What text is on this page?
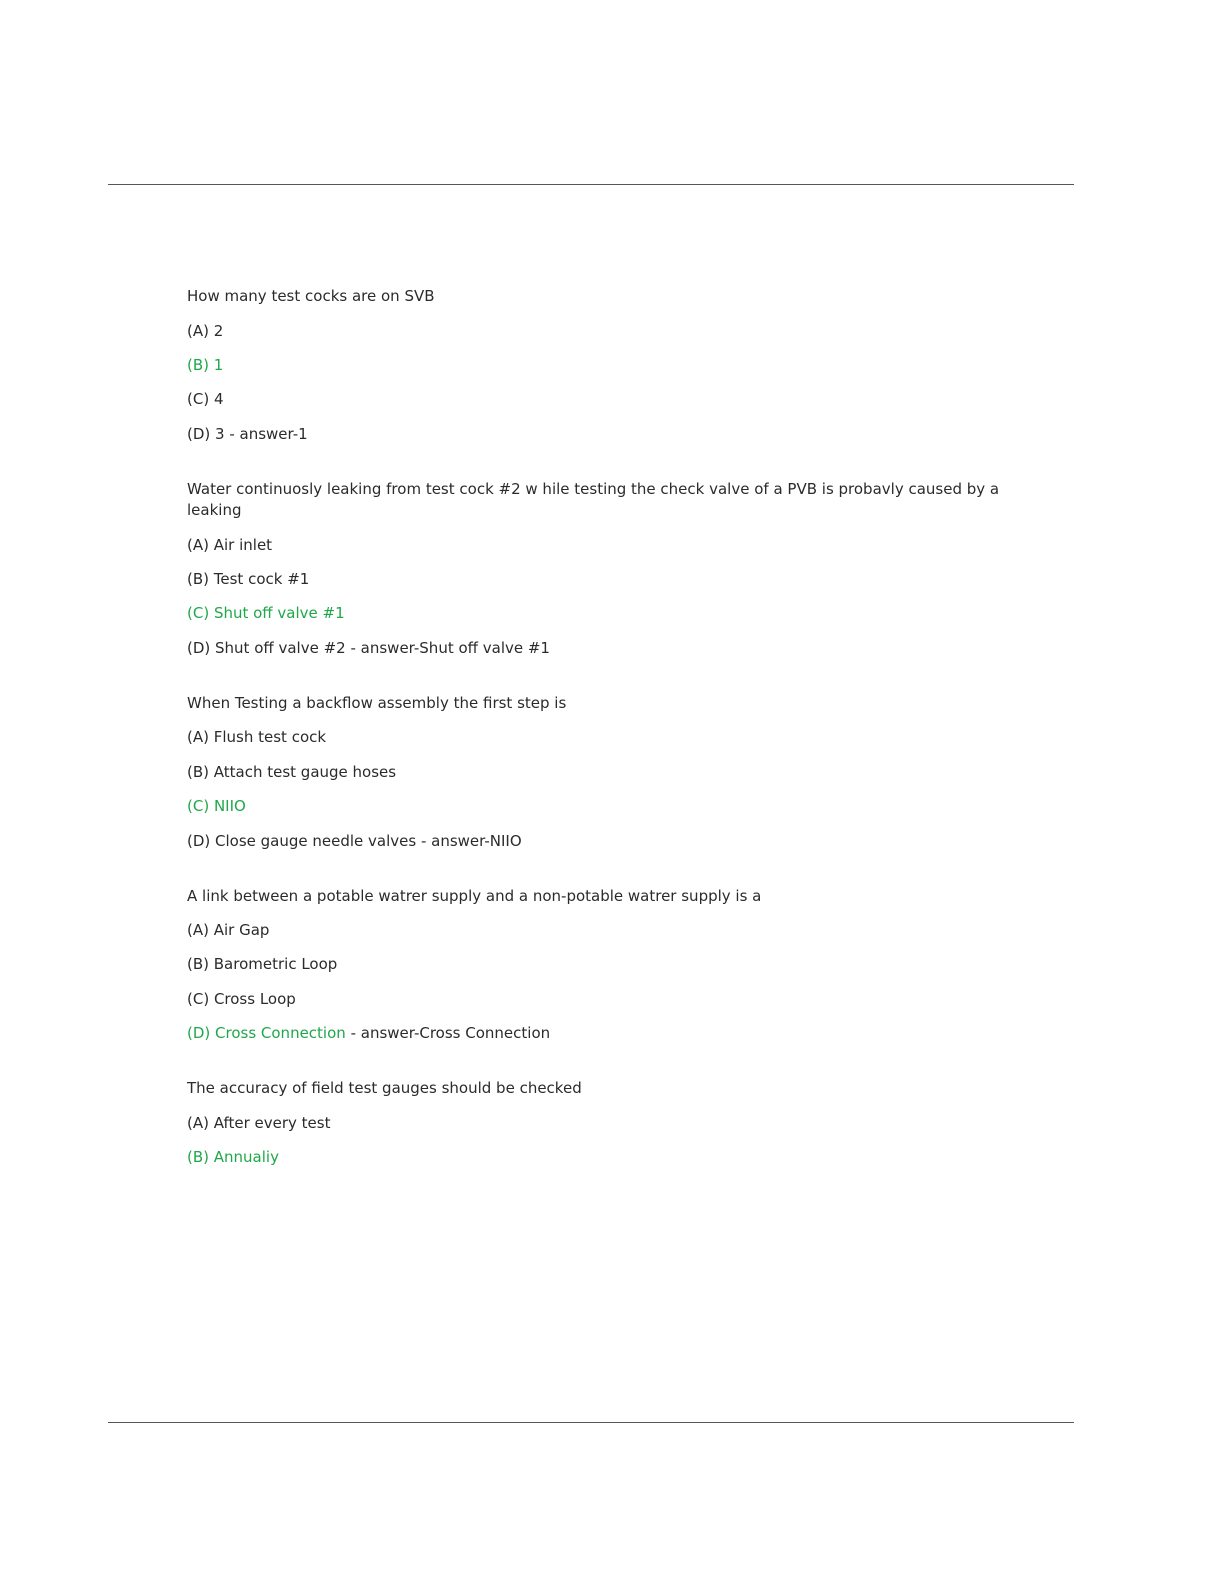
How many test cocks are on SVB
(A) 2
(B) 1
(C) 4
(D) 3 - answer-1
Water continuosly leaking from test cock #2 w hile testing the check valve of a PVB is probavly caused by a leaking
(A) Air inlet
(B) Test cock #1
(C) Shut off valve #1
(D) Shut off valve #2 - answer-Shut off valve #1
When Testing a backflow assembly the first step is
(A) Flush test cock
(B) Attach test gauge hoses
(C) NIIO
(D) Close gauge needle valves - answer-NIIO
A link between a potable watrer supply and a non-potable watrer supply is a
(A) Air Gap
(B) Barometric Loop
(C) Cross Loop
(D) Cross Connection - answer-Cross Connection
The accuracy of field test gauges should be checked
(A) After every test
(B) Annualiy
